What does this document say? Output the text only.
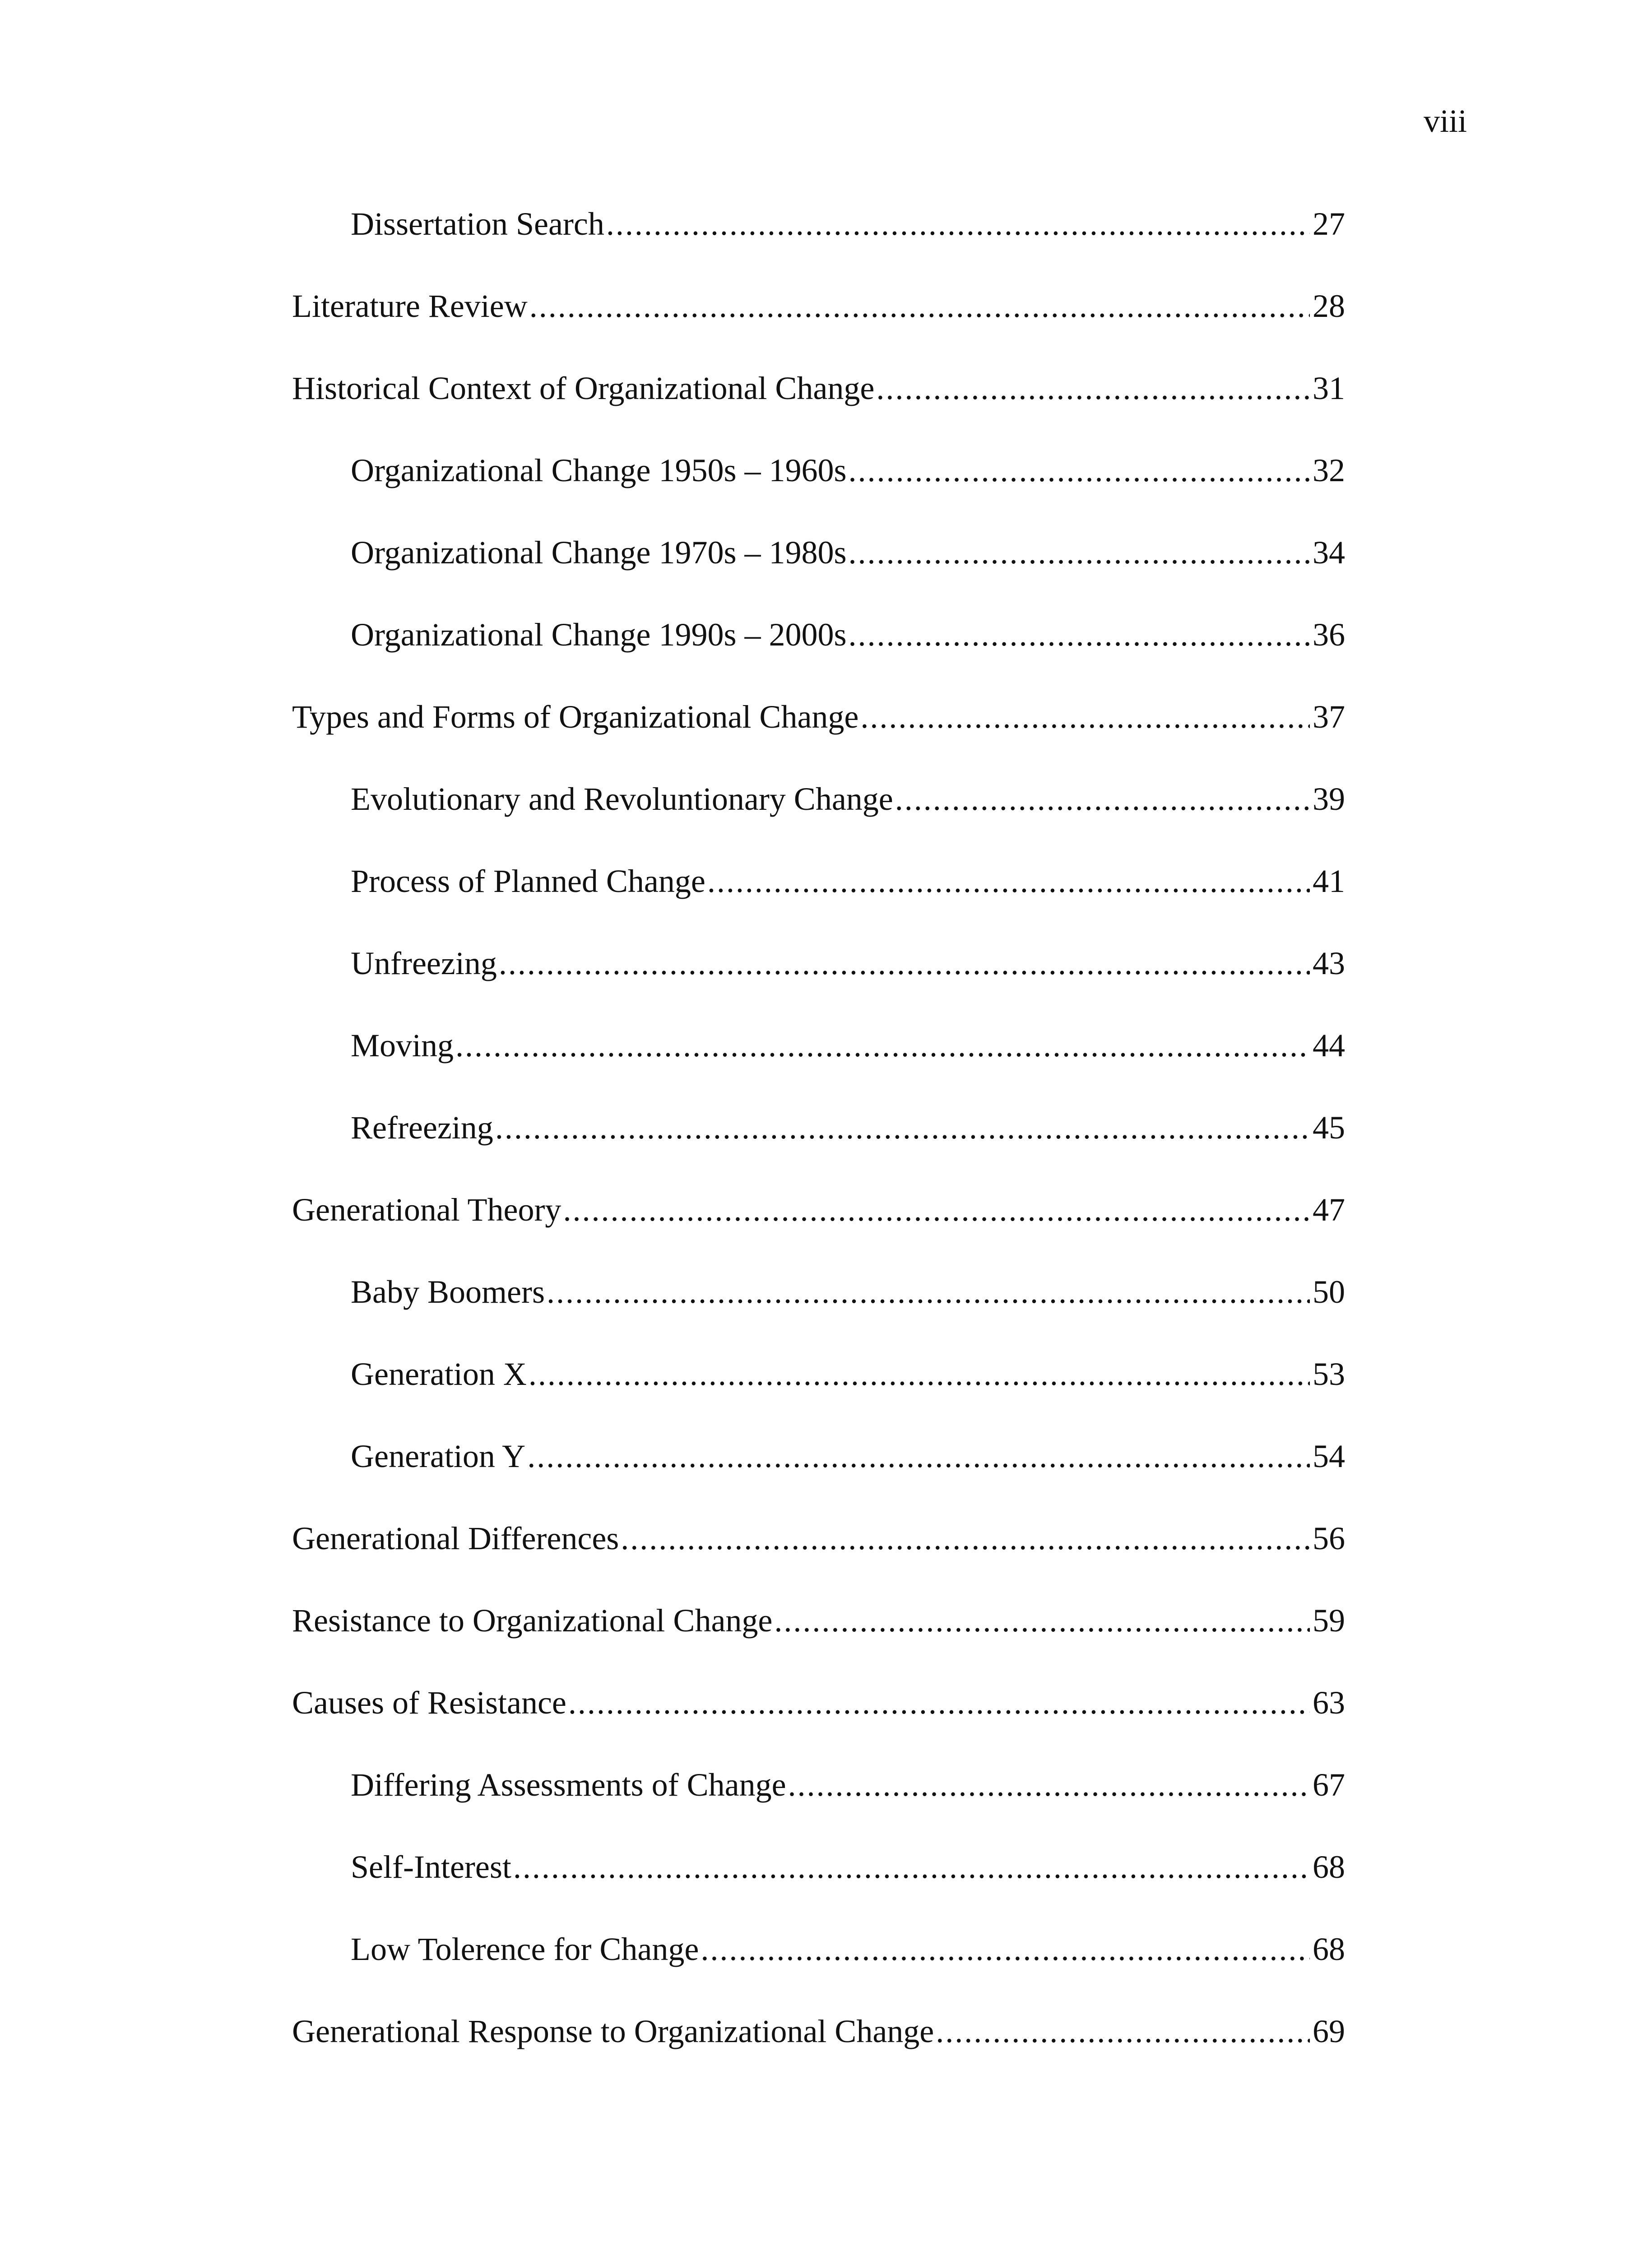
viii
Dissertation Search .....	27
Literature Review .....	28
Historical Context of Organizational Change .....	31
Organizational Change 1950s – 1960s .....	32
Organizational Change 1970s – 1980s .....	34
Organizational Change 1990s – 2000s .....	36
Types and Forms of Organizational Change .....	37
Evolutionary and Revoluntionary Change .....	39
Process of Planned Change .....	41
Unfreezing .....	43
Moving .....	44
Refreezing .....	45
Generational Theory .....	47
Baby Boomers .....	50
Generation X .....	53
Generation Y .....	54
Generational Differences .....	56
Resistance to Organizational Change .....	59
Causes of Resistance .....	63
Differing Assessments of Change .....	67
Self-Interest .....	68
Low Tolerence for Change .....	68
Generational Response to Organizational Change .....	69
